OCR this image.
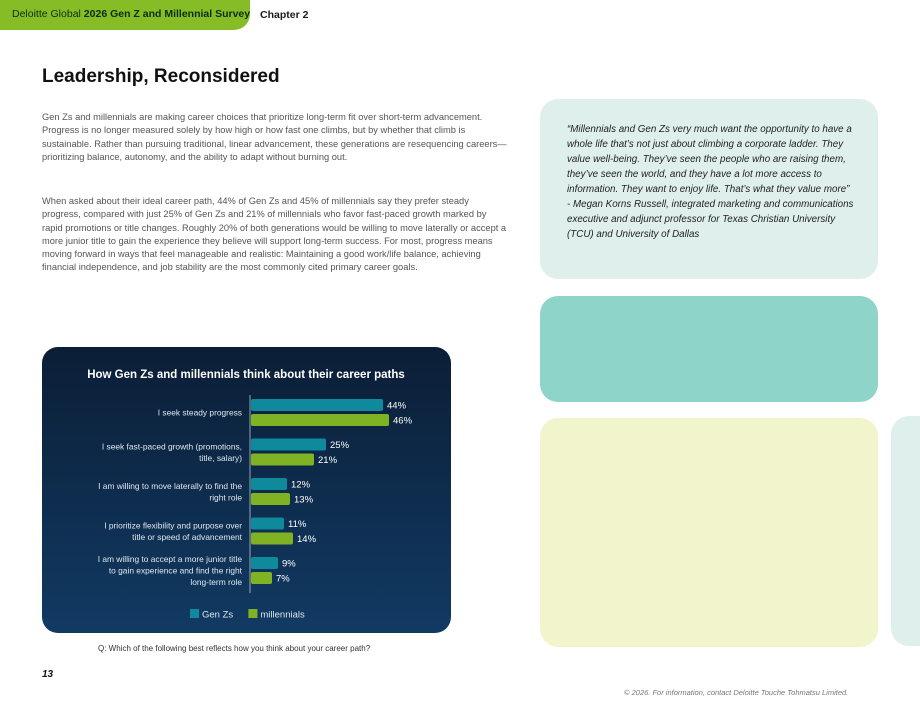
Deloitte Global 2026 Gen Z and Millennial Survey Chapter 2
Leadership, Reconsidered

Gen Zs and millennials are making career choices that prioritize long-term fit over short-term advancement. Progress is no longer measured solely by how high or how fast one climbs, but by whether that climb is sustainable. Rather than pursuing traditional, linear advancement, these generations are resequencing careers—prioritizing balance, autonomy, and the ability to adapt without burning out.

When asked about their ideal career path, 44% of Gen Zs and 45% of millennials say they prefer steady progress, compared with just 25% of Gen Zs and 21% of millennials who favor fast-paced growth marked by rapid promotions or title changes. Roughly 20% of both generations would be willing to move laterally or accept a more junior title to gain the experience they believe will support long-term success. For most, progress means moving forward in ways that feel manageable and realistic: Maintaining a good work/life balance, achieving financial independence, and job stability are the most commonly cited primary career goals.

“Millennials and Gen Zs very much want the opportunity to have a whole life that’s not just about climbing a corporate ladder. They value well-being. They’ve seen the people who are raising them, they’ve seen the world, and they have a lot more access to information. They want to enjoy life. That’s what they value more”
- Megan Korns Russell, integrated marketing and communications executive and adjunct professor for Texas Christian University (TCU) and University of Dallas

How Gen Zs and millennials think about their career paths
I seek steady progress
44%
46%
I seek fast-paced growth (promotions,
title, salary)
25%
21%
I am willing to move laterally to find the
right role
12%
13%
I prioritize flexibility and purpose over
title or speed of advancement
11%
14%
I am willing to accept a more junior title
to gain experience and find the right
long-term role
9%
7%
Gen Zs	millennials
Q: Which of the following best reflects how you think about your career path?
13
© 2026. For information, contact Deloitte Touche Tohmatsu Limited.
